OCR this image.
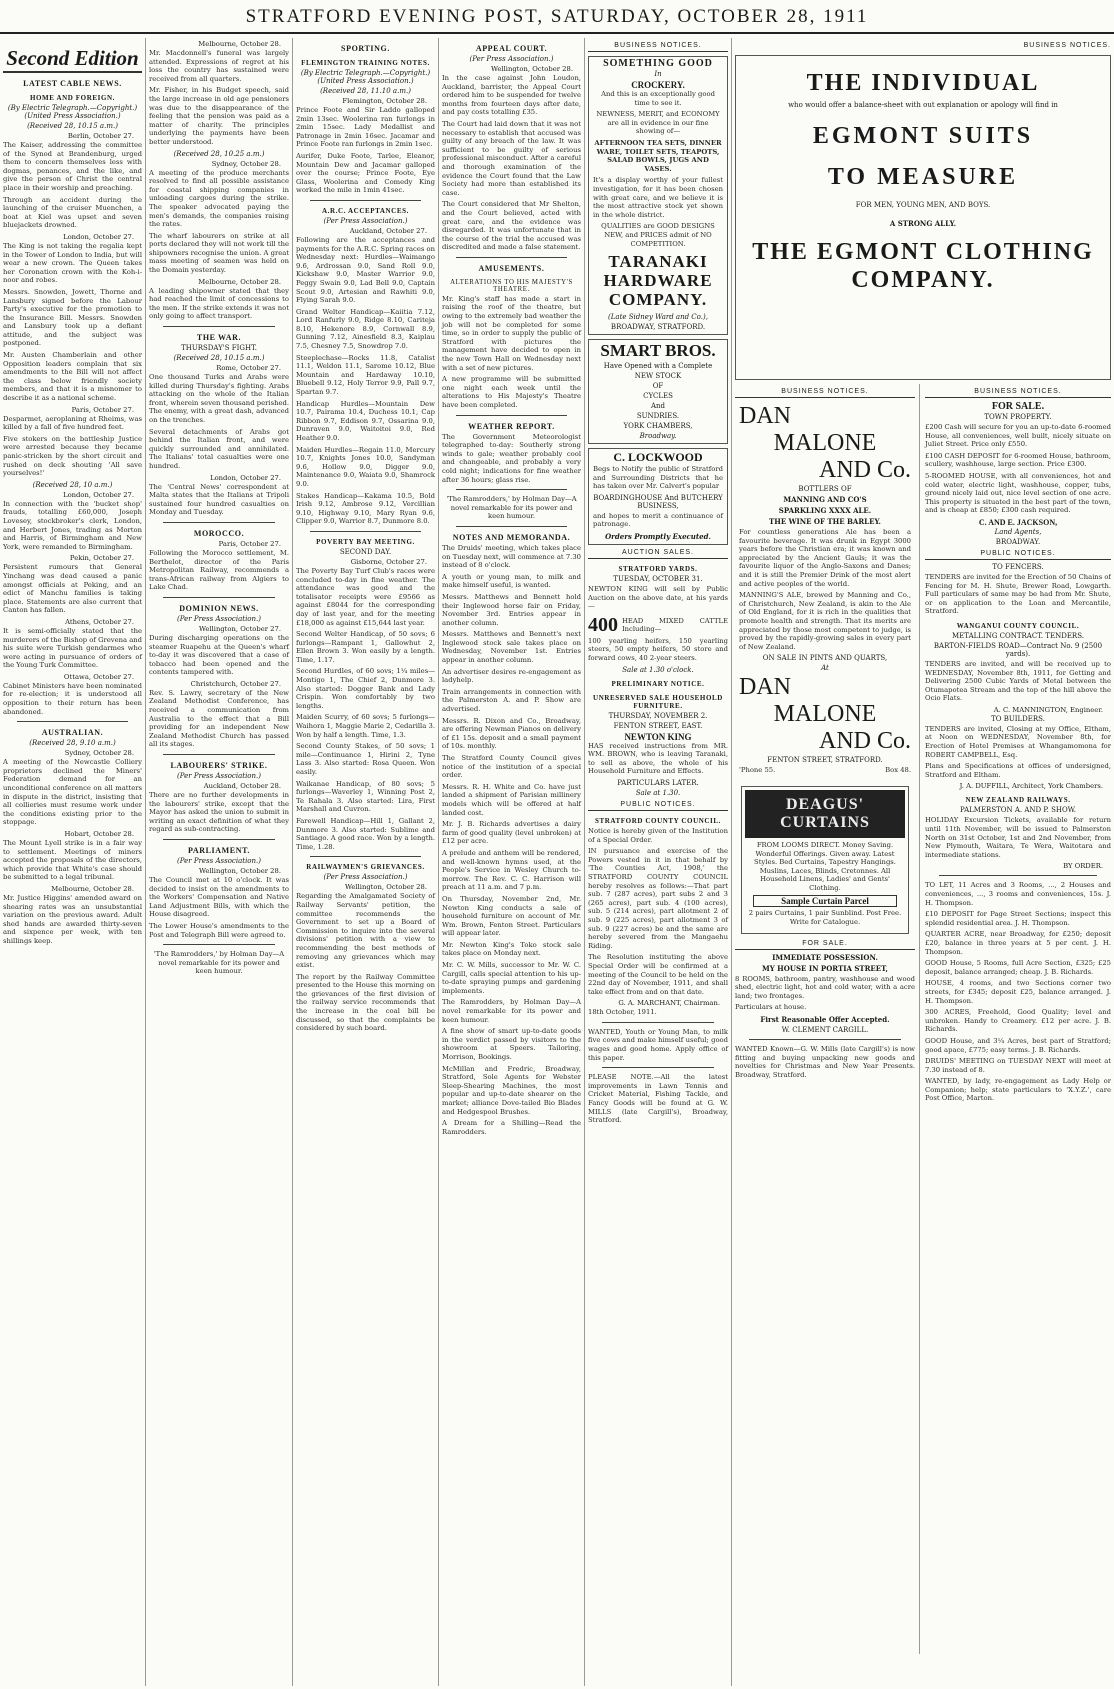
STRATFORD EVENING POST, SATURDAY, OCTOBER 28, 1911
Second Edition
LATEST CABLE NEWS.
HOME AND FOREIGN.
(By Electric Telegraph.—Copyright.) (United Press Association.)
(Received 28, 10.15 a.m.)
Berlin, October 27.

The Kaiser, addressing the committee of the Synod at Brandenburg, urged them to concern themselves less with dogmas, penances, and the like, and give the person of Christ the central place in their worship and preaching.

Through an accident during the launching of the cruiser Muenchen, a boat at Kiel was upset and seven bluejackets drowned.

London, October 27.

The King is not taking the regalia kept in the Tower of London to India, but will wear a new crown. The Queen takes her Coronation crown with the Koh-i-noor and robes.

Messrs. Snowden, Jowett, Thorne and Lansbury signed before the Labour Party's executive for the promotion to the Insurance Bill. Messrs. Snowden and Lansbury took up a defiant attitude, and the subject was postponed.

Mr. Austen Chamberlain and other Opposition leaders complain that six amendments to the Bill will not affect the class below friendly society members, and that it is a misnomer to describe it as a national scheme.

Paris, October 27.

Desparmet, aeroplaning at Rheims, was killed by a fall of five hundred feet.

Five stokers on the battleship Justice were arrested because they became panic-stricken by the short circuit and rushed on deck shouting 'All save yourselves!'

(Received 28, 10 a.m.)
London, October 27.

In connection with the 'bucket shop' frauds, totalling £60,000, Joseph Lovesey, stockbroker's clerk, London, and Herbert Jones, trading as Morton and Harris, of Birmingham and New York, were remanded to Birmingham.

Pekin, October 27.

Persistent rumours that General Yinchang was dead caused a panic amongst officials at Peking, and an edict of Manchu families is taking place. Statements are also current that Canton has fallen.

Athens, October 27.

It is semi-officially stated that the murderers of the Bishop of Grevena and his suite were Turkish gendarmes who were acting in pursuance of orders of the Young Turk Committee.

Ottawa, October 27.

Cabinet Ministers have been nominated for re-election; it is understood all opposition to their return has been abandoned.

AUSTRALIAN.
(Received 28, 9.10 a.m.)
Sydney, October 28.

A meeting of the Newcastle Colliery proprietors declined the Miners' Federation demand for an unconditional conference on all matters in dispute in the district, insisting that all collieries must resume work under the conditions existing prior to the stoppage.

Hobart, October 28.

The Mount Lyell strike is in a fair way to settlement. Meetings of miners accepted the proposals of the directors, which provide that White's case should be submitted to a legal tribunal.

Melbourne, October 28.

Mr. Justice Higgins' amended award on shearing rates was an unsubstantial variation on the previous award. Adult shed hands are awarded thirty-seven and sixpence per week, with ten shillings keep.

Melbourne, October 28.

Mr. Macdonnell's funeral was largely attended. Expressions of regret at his loss the country has sustained were received from all quarters.

Mr. Fisher, in his Budget speech, said the large increase in old age pensioners was due to the disappearance of the feeling that the pension was paid as a matter of charity. The principles underlying the payments have been better understood.

(Received 28, 10.25 a.m.)
Sydney, October 28.

A meeting of the produce merchants resolved to find all possible assistance for coastal shipping companies in unloading cargoes during the strike. The speaker advocated paying the men's demands, the companies raising the rates.

The wharf labourers on strike at all ports declared they will not work till the shipowners recognise the union. A great mass meeting of seamen was held on the Domain yesterday.

Melbourne, October 28.

A leading shipowner stated that they had reached the limit of concessions to the men. If the strike extends it was not only going to affect transport.

THE WAR.
THURSDAY'S FIGHT.
(Received 28, 10.15 a.m.)
Rome, October 27.

One thousand Turks and Arabs were killed during Thursday's fighting. Arabs attacking on the whole of the Italian front, wherein seven thousand perished. The enemy, with a great dash, advanced on the trenches.

Several detachments of Arabs got behind the Italian front, and were quickly surrounded and annihilated. The Italians' total casualties were one hundred.

London, October 27.

The 'Central News' correspondent at Malta states that the Italians at Tripoli sustained four hundred casualties on Monday and Tuesday.

MOROCCO.
Paris, October 27.

Following the Morocco settlement, M. Berthelot, director of the Paris Metropolitan Railway, recommends a trans-African railway from Algiers to Lake Chad.

DOMINION NEWS.
(Per Press Association.)
Wellington, October 27.

During discharging operations on the steamer Ruapehu at the Queen's wharf to-day it was discovered that a case of tobacco had been opened and the contents tampered with.

Christchurch, October 27.

Rev. S. Lawry, secretary of the New Zealand Methodist Conference, has received a communication from Australia to the effect that a Bill providing for an independent New Zealand Methodist Church has passed all its stages.

LABOURERS' STRIKE.
(Per Press Association.)
Auckland, October 28.

There are no further developments in the labourers' strike, except that the Mayor has asked the union to submit in writing an exact definition of what they regard as sub-contracting.

PARLIAMENT.
(Per Press Association.)
Wellington, October 28.

The Council met at 10 o'clock. It was decided to insist on the amendments to the Workers' Compensation and Native Land Adjustment Bills, with which the House disagreed.

The Lower House's amendments to the Post and Telegraph Bill were agreed to.

'The Ramrodders,' by Holman Day—A novel remarkable for its power and keen humour.

SPORTING.
FLEMINGTON TRAINING NOTES.
(By Electric Telegraph.—Copyright.) (United Press Association.)
(Received 28, 11.10 a.m.)
Flemington, October 28.

Prince Foote and Sir Laddo galloped 2min 13sec. Woolerina ran furlongs in 2min 15sec. Lady Medallist and Patronage in 2min 16sec. Jacamar and Prince Foote ran furlongs in 2min 1sec.

Aurifer, Duke Foote, Tarlee, Eleanor, Mountain Dew and Jacamar galloped over the course; Prince Foote, Eye Glass, Woolerina and Comedy King worked the mile in 1min 41sec.

A.R.C. ACCEPTANCES.
(Per Press Association.)
Auckland, October 27.

Following are the acceptances and payments for the A.R.C. Spring races on Wednesday next: Hurdles—Waimango 9.6, Ardrossan 9.0, Sand Roll 9.0, Kickshaw 9.0, Master Warrior 9.0, Peggy Swain 9.0, Lad Bell 9.0, Captain Scout 9.0, Artesian and Rawhiti 9.0, Flying Sarah 9.0.

Grand Welter Handicap—Kaiitia 7.12, Lord Ranfurly 9.0, Ridge 8.10, Cariteja 8.10, Hekenore 8.9, Cornwall 8.9, Gunning 7.12, Ainesfield 8.3, Kaiplau 7.5, Chesney 7.5, Snowdrop 7.0.

Steeplechase—Rocks 11.8, Catalist 11.1, Weldon 11.1, Sarome 10.12, Blue Mountain and Hardaway 10.10, Bluebell 9.12, Holy Terror 9.9, Pall 9.7, Spartan 9.7.

Handicap Hurdles—Mountain Dew 10.7, Pairama 10.4, Duchess 10.1, Cap Ribbon 9.7, Eddison 9.7, Ossarina 9.0, Dunraven 9.0, Waitoitoi 9.0, Red Heather 9.0.

Maiden Hurdles—Regain 11.0, Mercury 10.7, Knights Jones 10.0, Sandyman 9.6, Hollow 9.0, Digger 9.0, Maintenance 9.0, Waiata 9.0, Shamrock 9.0.

Stakes Handicap—Kakama 10.5, Bold Irish 9.12, Ambrose 9.12, Vercillian 9.10, Highway 9.10, Mary Ryan 9.6, Clipper 9.0, Warrior 8.7, Dunmore 8.0.

POVERTY BAY MEETING.
SECOND DAY.
Gisborne, October 27.

The Poverty Bay Turf Club's races were concluded to-day in fine weather. The attendance was good and the totalisator receipts were £9566 as against £8044 for the corresponding day of last year, and for the meeting £18,000 as against £15,644 last year.

Second Welter Handicap, of 50 sovs; 6 furlongs—Rampant 1, Gallowhut 2, Ellen Brown 3. Won easily by a length. Time, 1.17.

Second Hurdles, of 60 sovs; 1¼ miles—Montigo 1, The Chief 2, Dunmore 3. Also started: Dogger Bank and Lady Crispin. Won comfortably by two lengths.

Maiden Scurry, of 60 sovs; 5 furlongs—Waihora 1, Maggie Marie 2, Cedarilla 3. Won by half a length. Time, 1.3.

Second County Stakes, of 50 sovs; 1 mile—Continuance 1, Hirini 2, Tyne Lass 3. Also started: Rosa Queen. Won easily.

Waikanae Handicap, of 80 sovs; 5 furlongs—Waverley 1, Winning Post 2, Te Rahala 3. Also started: Lira, First Marshall and Cuvron.

Farewell Handicap—Hill 1, Gallant 2, Dunmore 3. Also started: Sublime and Santiago. A good race. Won by a length. Time, 1.28.

RAILWAYMEN'S GRIEVANCES.
(Per Press Association.)
Wellington, October 28.

Regarding the Amalgamated Society of Railway Servants' petition, the committee recommends the Government to set up a Board of Commission to inquire into the several divisions' petition with a view to recommending the best methods of removing any grievances which may exist.

The report by the Railway Committee presented to the House this morning on the grievances of the first division of the railway service recommends that the increase in the coal bill be discussed, so that the complaints be considered by such board.

APPEAL COURT.
(Per Press Association.)
Wellington, October 28.

In the case against John Loudon, Auckland, barrister, the Appeal Court ordered him to be suspended for twelve months from fourteen days after date, and pay costs totalling £35.

The Court had laid down that it was not necessary to establish that accused was guilty of any breach of the law. It was sufficient to be guilty of serious professional misconduct. After a careful and thorough examination of the evidence the Court found that the Law Society had more than established its case.

The Court considered that Mr Shelton, and the Court believed, acted with great care, and the evidence was disregarded. It was unfortunate that in the course of the trial the accused was discredited and made a false statement.

AMUSEMENTS.
ALTERATIONS TO HIS MAJESTY'S THEATRE.

Mr. King's staff has made a start in raising the roof of the theatre, but owing to the extremely bad weather the job will not be completed for some time, so in order to supply the public of Stratford with pictures the management have decided to open in the new Town Hall on Wednesday next with a set of new pictures.

A new programme will be submitted one night each week until the alterations to His Majesty's Theatre have been completed.

WEATHER REPORT.

The Government Meteorologist telegraphed to-day: Southerly strong winds to gale; weather probably cool and changeable, and probably a very cold night; indications for fine weather after 36 hours; glass rise.

'The Ramrodders,' by Holman Day—A novel remarkable for its power and keen humour.

NOTES AND MEMORANDA.

The Druids' meeting, which takes place on Tuesday next, will commence at 7.30 instead of 8 o'clock.

A youth or young man, to milk and make himself useful, is wanted.

Messrs. Matthews and Bennett hold their Inglewood horse fair on Friday, November 3rd. Entries appear in another column.

Messrs. Matthews and Bennett's next Inglewood stock sale takes place on Wednesday, November 1st. Entries appear in another column.

An advertiser desires re-engagement as ladyhelp.

Train arrangements in connection with the Palmerston A. and P. Show are advertised.

Messrs. R. Dixon and Co., Broadway, are offering Newman Pianos on delivery of £1 15s. deposit and a small payment of 10s. monthly.

The Stratford County Council gives notice of the institution of a special order.

Messrs. R. H. White and Co. have just landed a shipment of Parisian millinery models which will be offered at half landed cost.

Mr. J. B. Richards advertises a dairy farm of good quality (level unbroken) at £12 per acre.

A prelude and anthem will be rendered, and well-known hymns used, at the People's Service in Wesley Church to-morrow. The Rev. C. C. Harrison will preach at 11 a.m. and 7 p.m.

On Thursday, November 2nd, Mr. Newton King conducts a sale of household furniture on account of Mr. Wm. Brown, Fenton Street. Particulars will appear later.

Mr. Newton King's Toko stock sale takes place on Monday next.

Mr. C. W. Mills, successor to Mr. W. C. Cargill, calls special attention to his up-to-date spraying pumps and gardening implements.

The Ramrodders, by Holman Day—A novel remarkable for its power and keen humour.

A fine show of smart up-to-date goods in the verdict passed by visitors to the showroom at Speers. Tailoring, Morrison, Bookings.

McMillan and Fredric, Broadway, Stratford, Sole Agents for Webster Sleep-Shearing Machines, the most popular and up-to-date shearer on the market; alliance Dove-tailed Bio Blades and Hedgespool Brushes.

A Dream for a Shilling—Read the Ramrodders.

BUSINESS NOTICES.
SOMETHING GOOD
In
CROCKERY.

And this is an exceptionally good time to see it.

NEWNESS, MERIT, and ECONOMY are all in evidence in our fine showing of—

AFTERNOON TEA SETS, DINNER WARE, TOILET SETS, TEAPOTS, SALAD BOWLS, JUGS AND VASES.

It's a display worthy of your fullest investigation, for it has been chosen with great care, and we believe it is the most attractive stock yet shown in the whole district.

QUALITIES are GOOD DESIGNS NEW, and PRICES admit of NO COMPETITION.

TARANAKI HARDWARE COMPANY.
(Late Sidney Ward and Co.),
BROADWAY, STRATFORD.
SMART BROS.
Have Opened with a Complete
NEW STOCK
OF
CYCLES
And
SUNDRIES.
YORK CHAMBERS,
Broadway.
C. LOCKWOOD

Begs to Notify the public of Stratford and Surrounding Districts that he has taken over Mr. Calvert's popular

BOARDINGHOUSE And BUTCHERY BUSINESS,

and hopes to merit a continuance of patronage.

Orders Promptly Executed.
AUCTION SALES.
STRATFORD YARDS.
TUESDAY, OCTOBER 31.

NEWTON KING will sell by Public Auction on the above date, at his yards—

400 HEAD MIXED CATTLE Including—

100 yearling heifers, 150 yearling steers, 50 empty heifers, 50 store and forward cows, 40 2-year steers.

Sale at 1.30 o'clock.
PRELIMINARY NOTICE.
UNRESERVED SALE HOUSEHOLD FURNITURE.
THURSDAY, NOVEMBER 2.
FENTON STREET, EAST.
NEWTON KING

HAS received instructions from MR. WM. BROWN, who is leaving Taranaki, to sell as above, the whole of his Household Furniture and Effects.

PARTICULARS LATER.
Sale at 1.30.
PUBLIC NOTICES.
STRATFORD COUNTY COUNCIL.

Notice is hereby given of the Institution of a Special Order.

IN pursuance and exercise of the Powers vested in it in that behalf by 'The Counties Act, 1908,' the STRATFORD COUNTY COUNCIL hereby resolves as follows:—That part sub. 7 (287 acres), part subs 2 and 3 (265 acres), part sub. 4 (100 acres), sub. 5 (214 acres), part allotment 2 of sub. 9 (225 acres), part allotment 3 of sub. 9 (227 acres) be and the same are hereby severed from the Mangaehu Riding.

The Resolution instituting the above Special Order will be confirmed at a meeting of the Council to be held on the 22nd day of November, 1911, and shall take effect from and on that date.

G. A. MARCHANT, Chairman.
18th October, 1911.

WANTED, Youth or Young Man, to milk five cows and make himself useful; good wages and good home. Apply office of this paper.

PLEASE NOTE.—All the latest improvements in Lawn Tennis and Cricket Material, Fishing Tackle, and Fancy Goods will be found at G. W. MILLS (late Cargill's), Broadway, Stratford.

BUSINESS NOTICES.
THE INDIVIDUAL
who would offer a balance-sheet with out explanation or apology will find in
EGMONT SUITS
TO MEASURE
FOR MEN, YOUNG MEN, AND BOYS.
A STRONG ALLY.
THE EGMONT CLOTHING COMPANY.
BUSINESS NOTICES.
DAN
MALONE
AND Co.
BOTTLERS OF
MANNING AND CO'S
SPARKLING XXXX ALE.
THE WINE OF THE BARLEY.

For countless generations Ale has been a favourite beverage. It was drunk in Egypt 3000 years before the Christian era; it was known and appreciated by the Ancient Gauls; it was the favourite liquor of the Anglo-Saxons and Danes; and it is still the Premier Drink of the most alert and active peoples of the world.

MANNING'S ALE, brewed by Manning and Co., of Christchurch, New Zealand, is akin to the Ale of Old England, for it is rich in the qualities that promote health and strength. That its merits are appreciated by those most competent to judge, is proved by the rapidly-growing sales in every part of New Zealand.

ON SALE IN PINTS AND QUARTS,
At
DAN
MALONE
AND Co.
FENTON STREET, STRATFORD.
'Phone 55.	Box 48.
DEAGUS' CURTAINS

FROM LOOMS DIRECT. Money Saving. Wonderful Offerings. Given away. Latest Styles. Bed Curtains, Tapestry Hangings. Muslins, Laces, Blinds, Cretonnes. All Household Linens, Ladies' and Gents' Clothing.

Sample Curtain Parcel

2 pairs Curtains, 1 pair Sunblind. Post Free. Write for Catalogue.

FOR SALE.
IMMEDIATE POSSESSION.
MY HOUSE IN PORTIA STREET,

8 ROOMS, bathroom, pantry, washhouse and wood shed, electric light, hot and cold water, with a acre land; two frontages.

Particulars at house.

First Reasonable Offer Accepted.
W. CLEMENT CARGILL.

WANTED Known—G. W. Mills (late Cargill's) is now fitting and buying unpacking new goods and novelties for Christmas and New Year Presents. Broadway, Stratford.

BUSINESS NOTICES.
FOR SALE.
TOWN PROPERTY.

£200 Cash will secure for you an up-to-date 6-roomed House, all conveniences, well built, nicely situate on Juliet Street. Price only £550.

£100 CASH DEPOSIT for 6-roomed House, bathroom, scullery, washhouse, large section. Price £300.

5-ROOMED HOUSE, with all conveniences, hot and cold water, electric light, washhouse, copper, tubs, ground nicely laid out, nice level section of one acre. This property is situated in the best part of the town, and is cheap at £850; £300 cash required.

C. AND E. JACKSON,
Land Agents,
BROADWAY.
PUBLIC NOTICES.
TO FENCERS.

TENDERS are invited for the Erection of 50 Chains of Fencing for M. H. Shute, Brewer Road, Lowgarth. Full particulars of same may be had from Mr. Shute, or on application to the Loan and Mercantile, Stratford.

WANGANUI COUNTY COUNCIL.
METALLING CONTRACT. TENDERS.
BARTON-FIELDS ROAD—Contract No. 9 (2500 yards).

TENDERS are invited, and will be received up to WEDNESDAY, November 8th, 1911, for Getting and Delivering 2500 Cubic Yards of Metal between the Otumapotea Stream and the top of the hill above the Ocio Flats.

A. C. MANNINGTON, Engineer.
TO BUILDERS.

TENDERS are invited, Closing at my Office, Eltham, at Noon on WEDNESDAY, November 8th, for Erection of Hotel Premises at Whangamomona for ROBERT CAMPBELL, Esq.

Plans and Specifications at offices of undersigned, Stratford and Eltham.

J. A. DUFFILL, Architect, York Chambers.
NEW ZEALAND RAILWAYS.
PALMERSTON A. AND P. SHOW.

HOLIDAY Excursion Tickets, available for return until 11th November, will be issued to Palmerston North on 31st October, 1st and 2nd November, from New Plymouth, Waitara, Te Wera, Waitotara and intermediate stations.

BY ORDER.

TO LET, 11 Acres and 3 Rooms, ..., 2 Houses and conveniences, ..., 3 rooms and conveniences, 15s. J. H. Thompson.

£10 DEPOSIT for Page Street Sections; inspect this splendid residential area. J. H. Thompson.

QUARTER ACRE, near Broadway, for £250; deposit £20, balance in three years at 5 per cent. J. H. Thompson.

GOOD House, 5 Rooms, full Acre Section, £325; £25 deposit, balance arranged; cheap. J. B. Richards.

HOUSE, 4 rooms, and two Sections corner two streets, for £345; deposit £25, balance arranged. J. H. Thompson.

300 ACRES, Freehold, Good Quality; level and unbroken. Handy to Creamery. £12 per acre. J. B. Richards.

GOOD House, and 3¼ Acres, best part of Stratford; good apace, £775; easy terms. J. B. Richards.

DRUIDS' MEETING on TUESDAY NEXT will meet at 7.30 instead of 8.

WANTED, by lady, re-engagement as Lady Help or Companion; help; state particulars to 'X.Y.Z.', care Post Office, Marton.
